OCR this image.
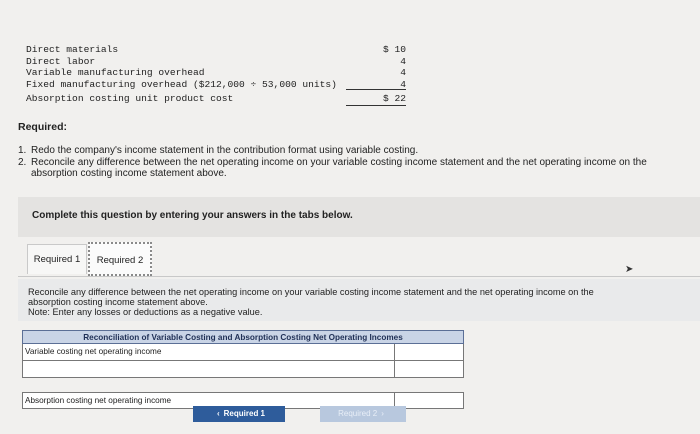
Direct materials	$ 10
Direct labor	4
Variable manufacturing overhead	4
Fixed manufacturing overhead ($212,000 ÷ 53,000 units)	4
Absorption costing unit product cost	$ 22
Required:
1. Redo the company's income statement in the contribution format using variable costing.
2. Reconcile any difference between the net operating income on your variable costing income statement and the net operating income on the absorption costing income statement above.
Complete this question by entering your answers in the tabs below.
Required 1	Required 2
➤

Reconcile any difference between the net operating income on your variable costing income statement and the net operating income on the absorption costing income statement above.

Note: Enter any losses or deductions as a negative value.

Reconciliation of Variable Costing and Absorption Costing Net Operating Incomes
Variable costing net operating income
Absorption costing net operating income
‹ Required 1	Required 2 ›
